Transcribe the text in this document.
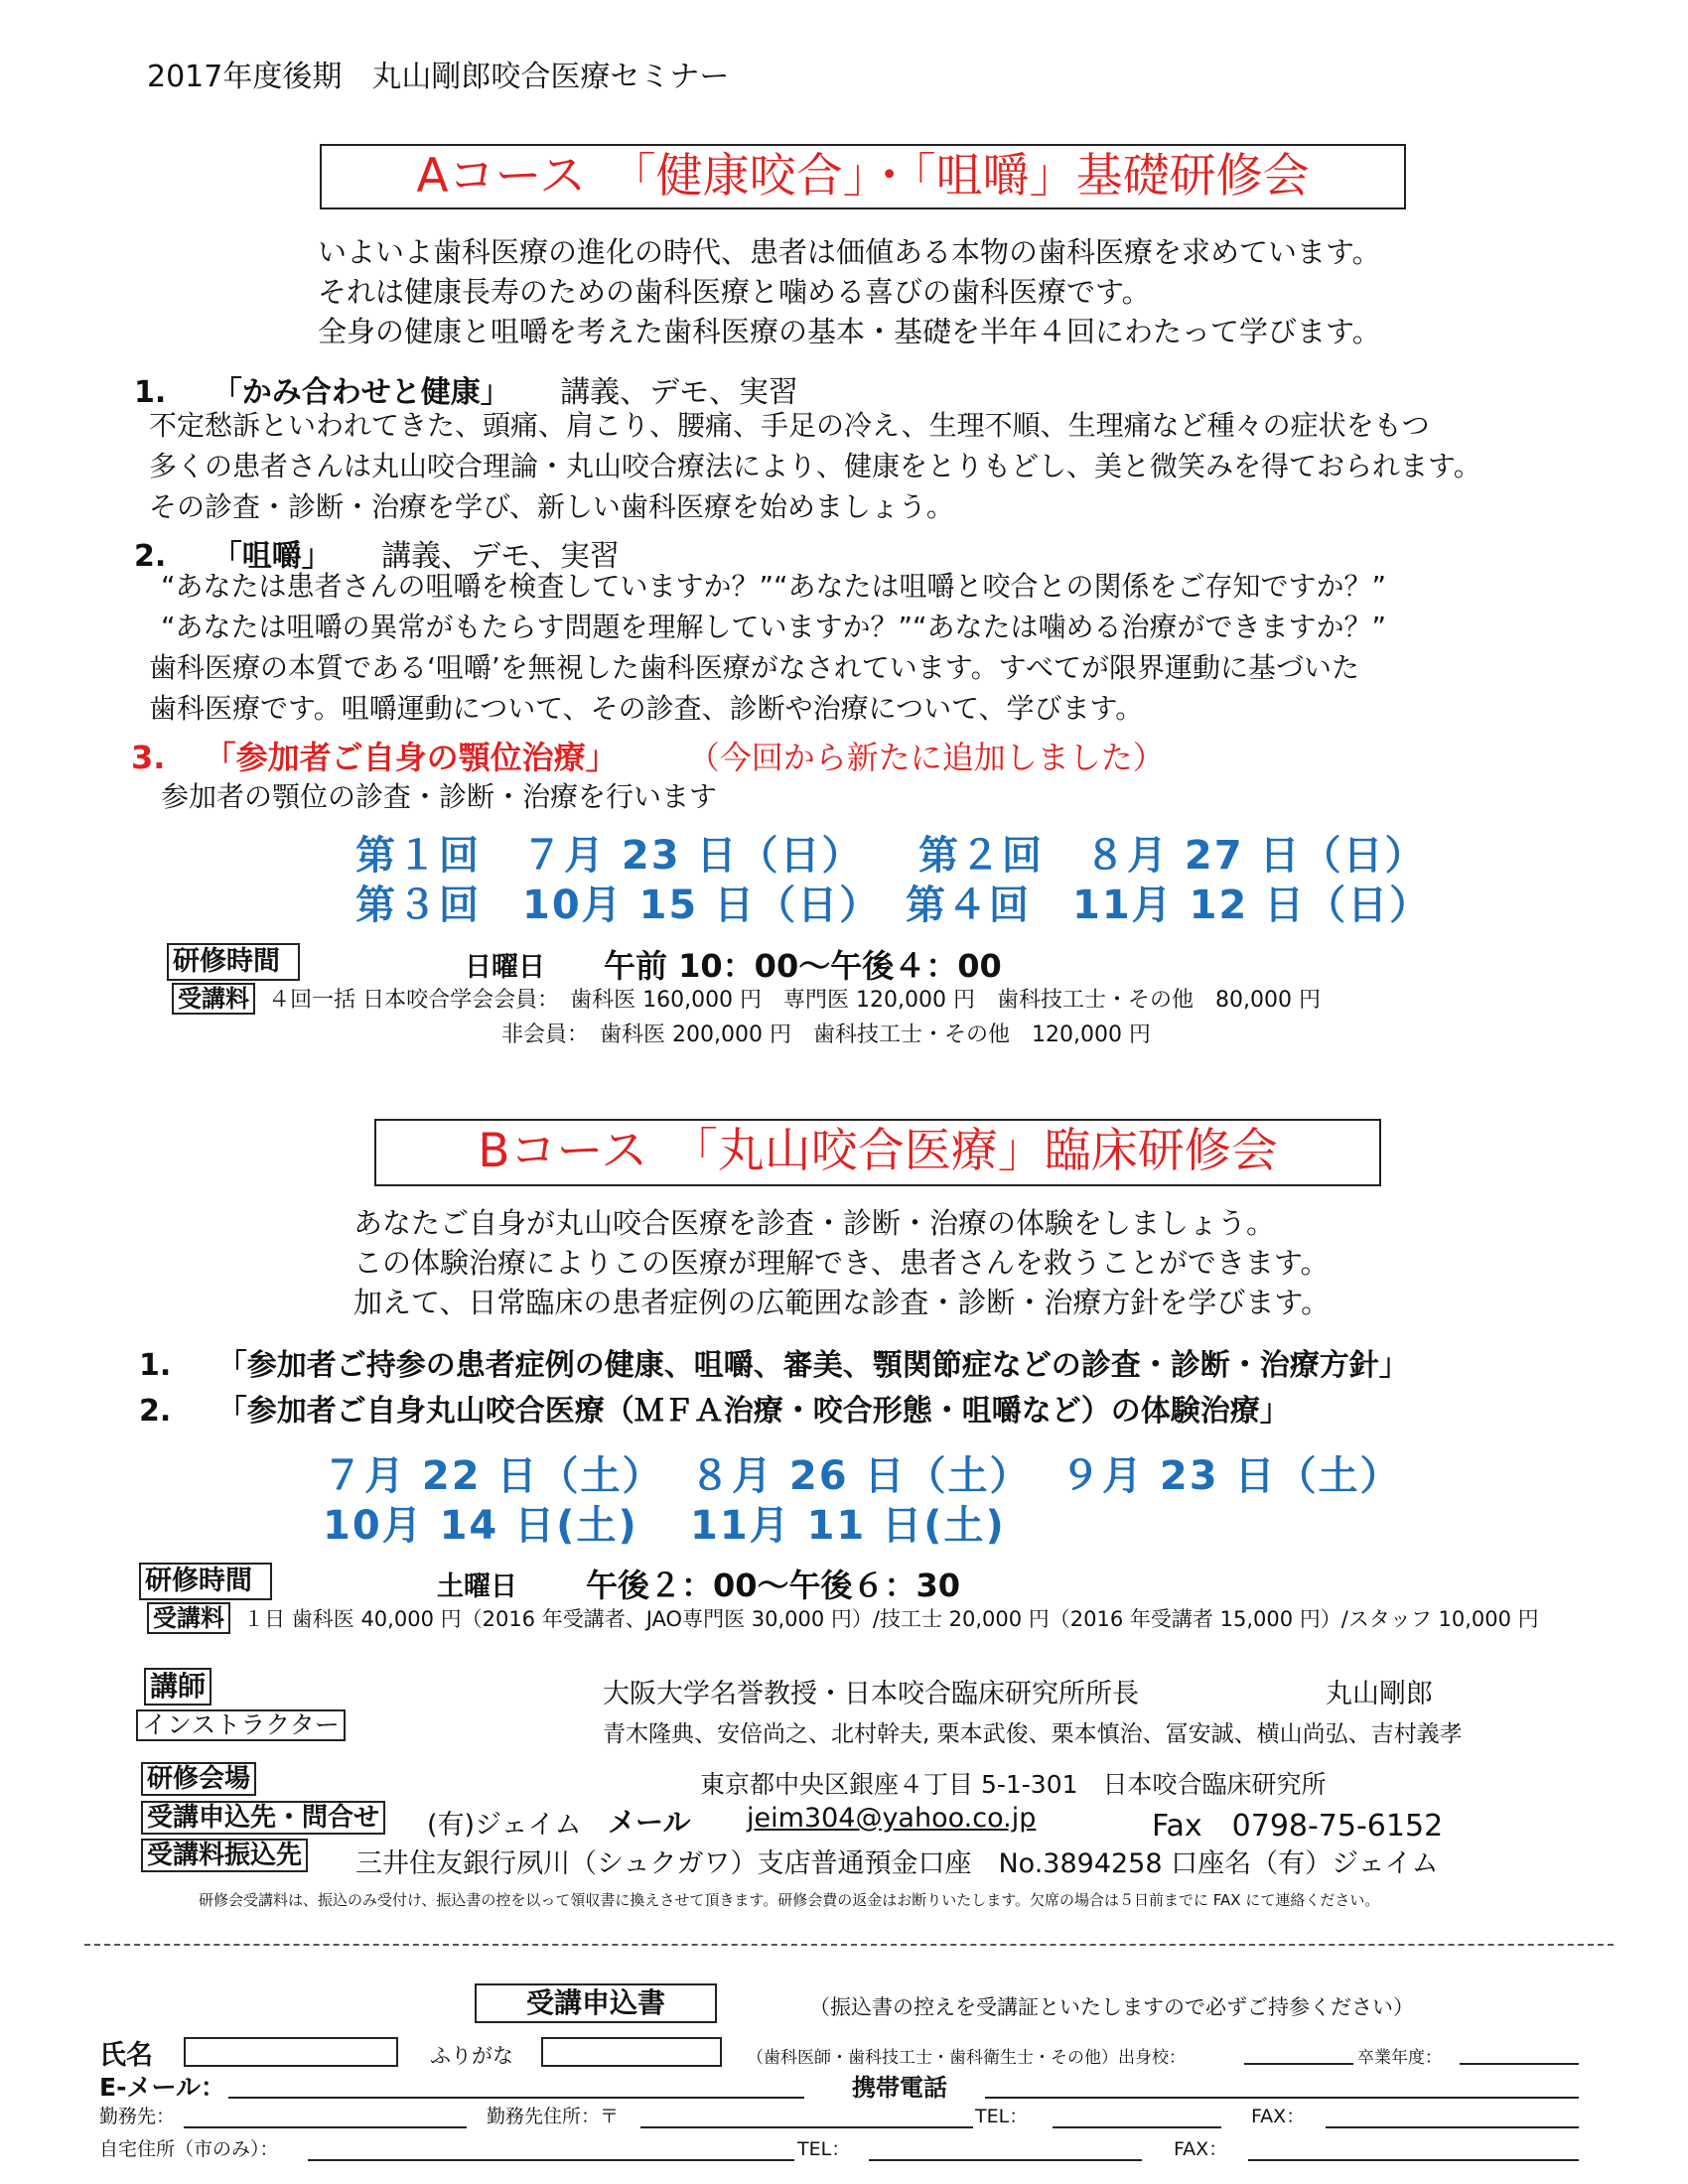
2017年度後期　丸山剛郎咬合医療セミナー
Aコース　「健康咬合」・「咀嚼」基礎研修会
いよいよ歯科医療の進化の時代、患者は価値ある本物の歯科医療を求めています。
それは健康長寿のための歯科医療と噛める喜びの歯科医療です。
全身の健康と咀嚼を考えた歯科医療の基本・基礎を半年４回にわたって学びます。
1. 「かみ合わせと健康」 講義、デモ、実習
不定愁訴といわれてきた、頭痛、肩こり、腰痛、手足の冷え、生理不順、生理痛など種々の症状をもつ
多くの患者さんは丸山咬合理論・丸山咬合療法により、健康をとりもどし、美と微笑みを得ておられます。
その診査・診断・治療を学び、新しい歯科医療を始めましょう。
2. 「咀嚼」 講義、デモ、実習
“あなたは患者さんの咀嚼を検査していますか？”“あなたは咀嚼と咬合との関係をご存知ですか？”
“あなたは咀嚼の異常がもたらす問題を理解していますか？”“あなたは噛める治療ができますか？”
歯科医療の本質である‘咀嚼’を無視した歯科医療がなされています。すべてが限界運動に基づいた
歯科医療です。咀嚼運動について、その診査、診断や治療について、学びます。
3. 「参加者ご自身の顎位治療」 （今回から新たに追加しました）
参加者の顎位の診査・診断・治療を行います
第１回　７月 23 日（日） 第２回　８月 27 日（日）
第３回　10月 15 日（日） 第４回　11月 12 日（日）
研修時間	日曜日 午前 10：00～午後４：00
受講料 ４回一括 日本咬合学会会員：　歯科医 160,000 円　専門医 120,000 円　歯科技工士・その他　80,000 円
非会員：　歯科医 200,000 円　歯科技工士・その他　120,000 円
Bコース　「丸山咬合医療」臨床研修会
あなたご自身が丸山咬合医療を診査・診断・治療の体験をしましょう。
この体験治療によりこの医療が理解でき、患者さんを救うことができます。
加えて、日常臨床の患者症例の広範囲な診査・診断・治療方針を学びます。
1. 「参加者ご持参の患者症例の健康、咀嚼、審美、顎関節症などの診査・診断・治療方針」
2. 「参加者ご自身丸山咬合医療（ＭＦＡ治療・咬合形態・咀嚼など）の体験治療」
７月 22 日（土） ８月 26 日（土） ９月 23 日（土）
10月 14 日(土) 11月 11 日(土)
研修時間	土曜日 午後２：00～午後６：30
受講料 １日 歯科医 40,000 円（2016 年受講者、JAO専門医 30,000 円）/技工士 20,000 円（2016 年受講者 15,000 円）/スタッフ 10,000 円
講師	大阪大学名誉教授・日本咬合臨床研究所所長	丸山剛郎
インストラクター	青木隆典、安倍尚之、北村幹夫, 栗本武俊、栗本慎治、冨安誠、横山尚弘、吉村義孝
研修会場	東京都中央区銀座４丁目 5-1-301　日本咬合臨床研究所
受講申込先・問合せ (有)ジェイム メール jeim304@yahoo.co.jp	Fax　0798-75-6152
受講料振込先 三井住友銀行夙川（シュクガワ）支店普通預金口座　No.3894258 口座名（有）ジェイム
研修会受講料は、振込のみ受付け、振込書の控を以って領収書に換えさせて頂きます。研修会費の返金はお断りいたします。欠席の場合は５日前までに FAX にて連絡ください。
受講申込書	（振込書の控えを受講証といたしますので必ずご持参ください）
氏名	ふりがな	（歯科医師・歯科技工士・歯科衛生士・その他）出身校：	卒業年度：
E-メール：	携帯電話
勤務先：	勤務先住所：〒	TEL：	FAX：
自宅住所（市のみ）：	TEL：	FAX：
